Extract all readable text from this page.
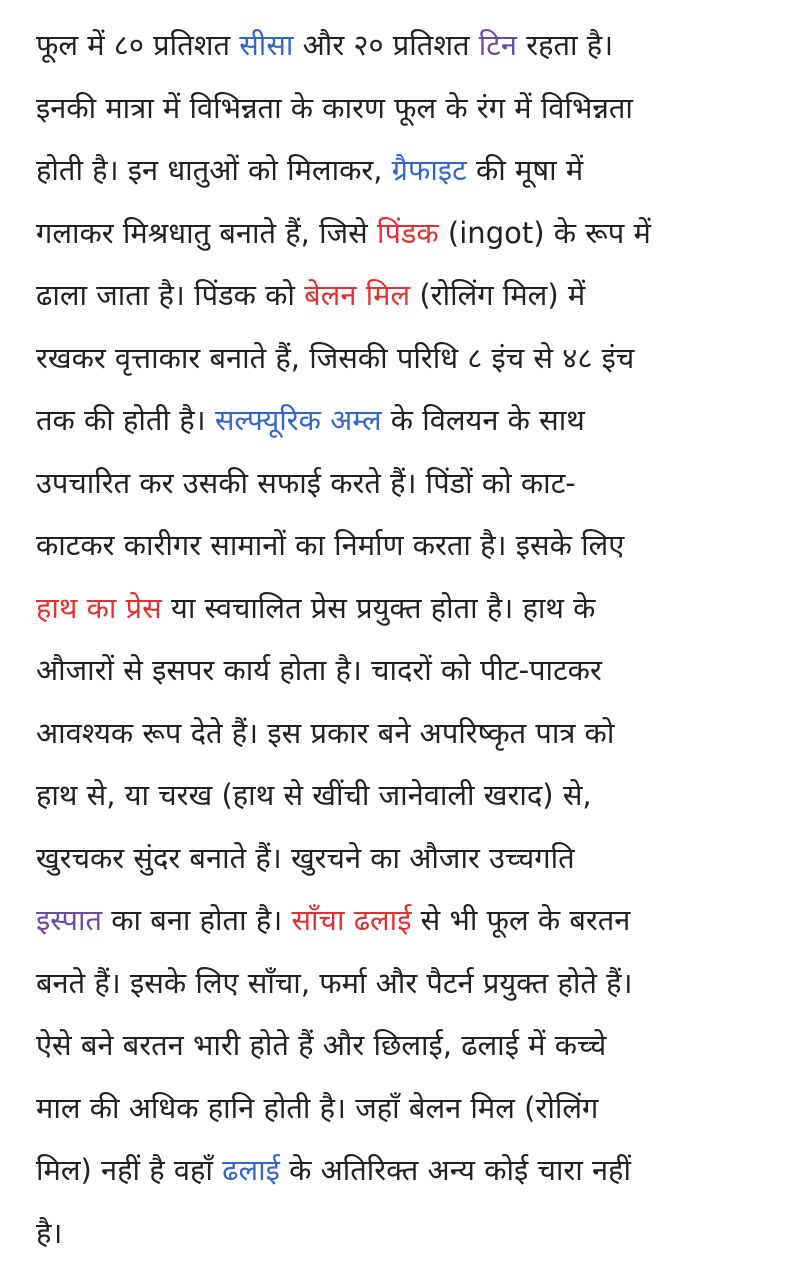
फूल में ८० प्रतिशत सीसा और २० प्रतिशत टिन रहता है।
इनकी मात्रा में विभिन्नता के कारण फूल के रंग में विभिन्नता
होती है। इन धातुओं को मिलाकर, ग्रैफाइट की मूषा में
गलाकर मिश्रधातु बनाते हैं, जिसे पिंडक (ingot) के रूप में
ढाला जाता है। पिंडक को बेलन मिल (रोलिंग मिल) में
रखकर वृत्ताकार बनाते हैं, जिसकी परिधि ८ इंच से ४८ इंच
तक की होती है। सल्फ्यूरिक अम्ल के विलयन के साथ
उपचारित कर उसकी सफाई करते हैं। पिंडों को काट-
काटकर कारीगर सामानों का निर्माण करता है। इसके लिए
हाथ का प्रेस या स्वचालित प्रेस प्रयुक्त होता है। हाथ के
औजारों से इसपर कार्य होता है। चादरों को पीट-पाटकर
आवश्यक रूप देते हैं। इस प्रकार बने अपरिष्कृत पात्र को
हाथ से, या चरख (हाथ से खींची जानेवाली खराद) से,
खुरचकर सुंदर बनाते हैं। खुरचने का औजार उच्चगति
इस्पात का बना होता है। साँचा ढलाई से भी फूल के बरतन
बनते हैं। इसके लिए साँचा, फर्मा और पैटर्न प्रयुक्त होते हैं।
ऐसे बने बरतन भारी होते हैं और छिलाई, ढलाई में कच्चे
माल की अधिक हानि होती है। जहाँ बेलन मिल (रोलिंग
मिल) नहीं है वहाँ ढलाई के अतिरिक्त अन्य कोई चारा नहीं
है।
